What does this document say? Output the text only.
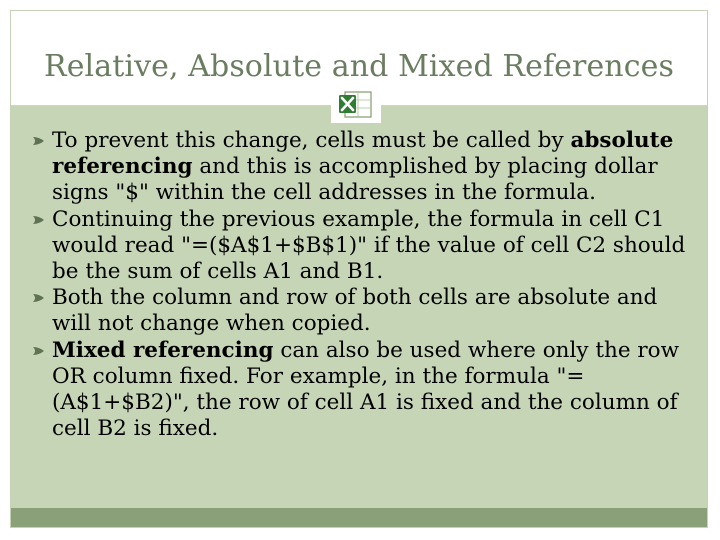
Relative, Absolute and Mixed References

To prevent this change, cells must be called by absolute referencing and this is accomplished by placing dollar signs "$" within the cell addresses in the formula.

Continuing the previous example, the formula in cell C1 would read "=($A$1+$B$1)" if the value of cell C2 should be the sum of cells A1 and B1.

Both the column and row of both cells are absolute and will not change when copied.

Mixed referencing can also be used where only the row OR column fixed. For example, in the formula "=(A$1+$B2)", the row of cell A1 is fixed and the column of cell B2 is fixed.
